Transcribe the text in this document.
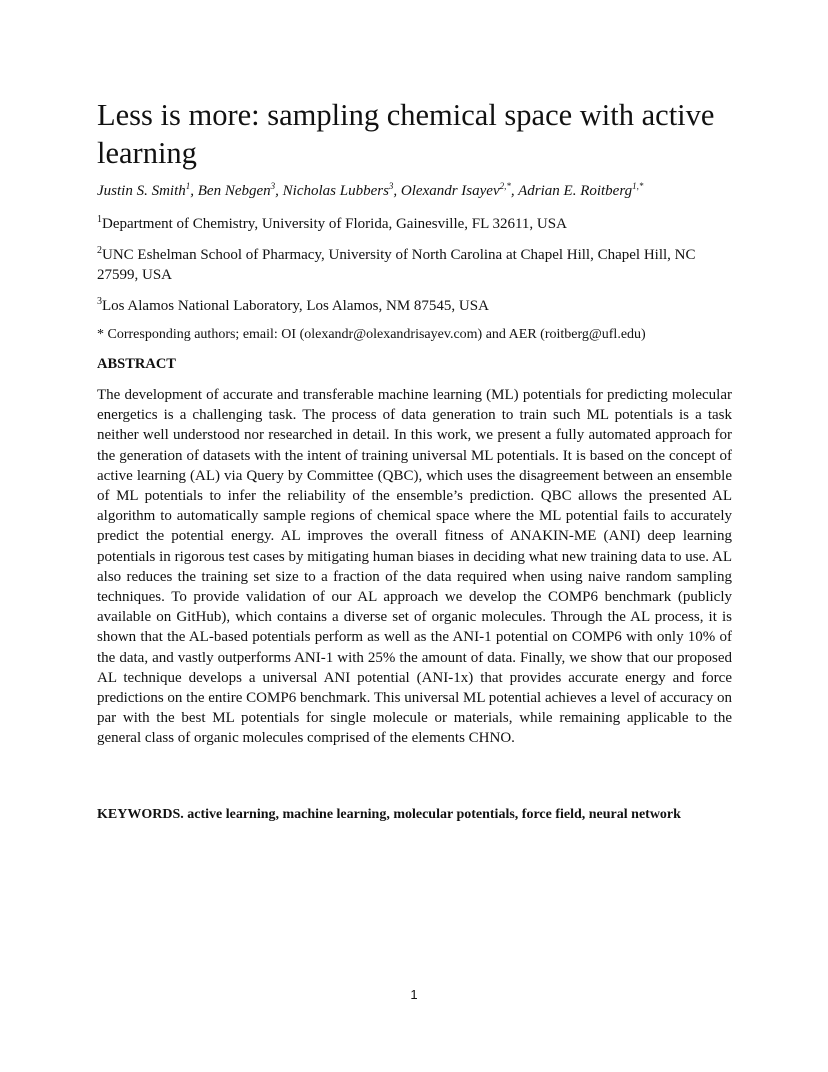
Less is more: sampling chemical space with active learning
Justin S. Smith$^1$, Ben Nebgen$^3$, Nicholas Lubbers$^3$, Olexandr Isayev$^{2,*}$, Adrian E. Roitberg$^{1,*}$
$^1$Department of Chemistry, University of Florida, Gainesville, FL 32611, USA
$^2$UNC Eshelman School of Pharmacy, University of North Carolina at Chapel Hill, Chapel Hill, NC 27599, USA
$^3$Los Alamos National Laboratory, Los Alamos, NM 87545, USA
* Corresponding authors; email: OI (olexandr@olexandrisayev.com) and AER (roitberg@ufl.edu)
ABSTRACT

The development of accurate and transferable machine learning (ML) potentials for predicting molecular energetics is a challenging task. The process of data generation to train such ML potentials is a task neither well understood nor researched in detail. In this work, we present a fully automated approach for the generation of datasets with the intent of training universal ML potentials. It is based on the concept of active learning (AL) via Query by Committee (QBC), which uses the disagreement between an ensemble of ML potentials to infer the reliability of the ensemble’s prediction. QBC allows the presented AL algorithm to automatically sample regions of chemical space where the ML potential fails to accurately predict the potential energy. AL improves the overall fitness of ANAKIN-ME (ANI) deep learning potentials in rigorous test cases by mitigating human biases in deciding what new training data to use. AL also reduces the training set size to a fraction of the data required when using naive random sampling techniques. To provide validation of our AL approach we develop the COMP6 benchmark (publicly available on GitHub), which contains a diverse set of organic molecules. Through the AL process, it is shown that the AL-based potentials perform as well as the ANI-1 potential on COMP6 with only 10% of the data, and vastly outperforms ANI-1 with 25% the amount of data. Finally, we show that our proposed AL technique develops a universal ANI potential (ANI-1x) that provides accurate energy and force predictions on the entire COMP6 benchmark. This universal ML potential achieves a level of accuracy on par with the best ML potentials for single molecule or materials, while remaining applicable to the general class of organic molecules comprised of the elements CHNO.

KEYWORDS. active learning, machine learning, molecular potentials, force field, neural network
1
